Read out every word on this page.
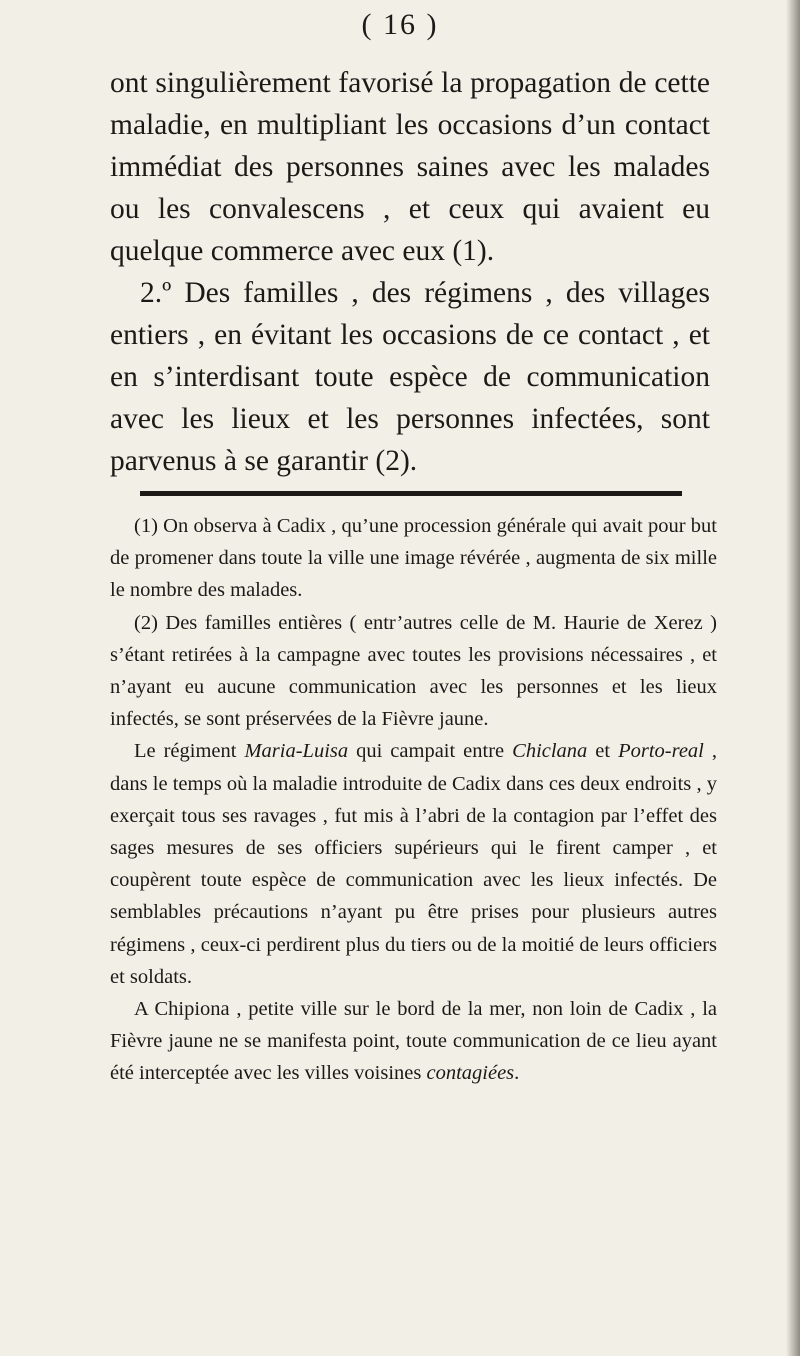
( 16 )

ont singulièrement favorisé la propagation de cette maladie, en multipliant les occasions d’un contact immédiat des personnes saines avec les malades ou les convalescens , et ceux qui avaient eu quelque commerce avec eux (1).

2.º Des familles , des régimens , des villages entiers , en évitant les occasions de ce contact , et en s’interdisant toute espèce de communication avec les lieux et les personnes infectées, sont parvenus à se garantir (2).

(1) On observa à Cadix , qu’une procession générale qui avait pour but de promener dans toute la ville une image révérée , augmenta de six mille le nombre des malades.

(2) Des familles entières ( entr’autres celle de M. Haurie de Xerez ) s’étant retirées à la campagne avec toutes les provisions nécessaires , et n’ayant eu aucune communication avec les personnes et les lieux infectés, se sont préservées de la Fièvre jaune.

Le régiment Maria-Luisa qui campait entre Chiclana et Porto-real , dans le temps où la maladie introduite de Cadix dans ces deux endroits , y exerçait tous ses ravages , fut mis à l’abri de la contagion par l’effet des sages mesures de ses officiers supérieurs qui le firent camper , et coupèrent toute espèce de communication avec les lieux infectés. De semblables précautions n’ayant pu être prises pour plusieurs autres régimens , ceux-ci perdirent plus du tiers ou de la moitié de leurs officiers et soldats.

A Chipiona , petite ville sur le bord de la mer, non loin de Cadix , la Fièvre jaune ne se manifesta point, toute communication de ce lieu ayant été interceptée avec les villes voisines contagiées.
